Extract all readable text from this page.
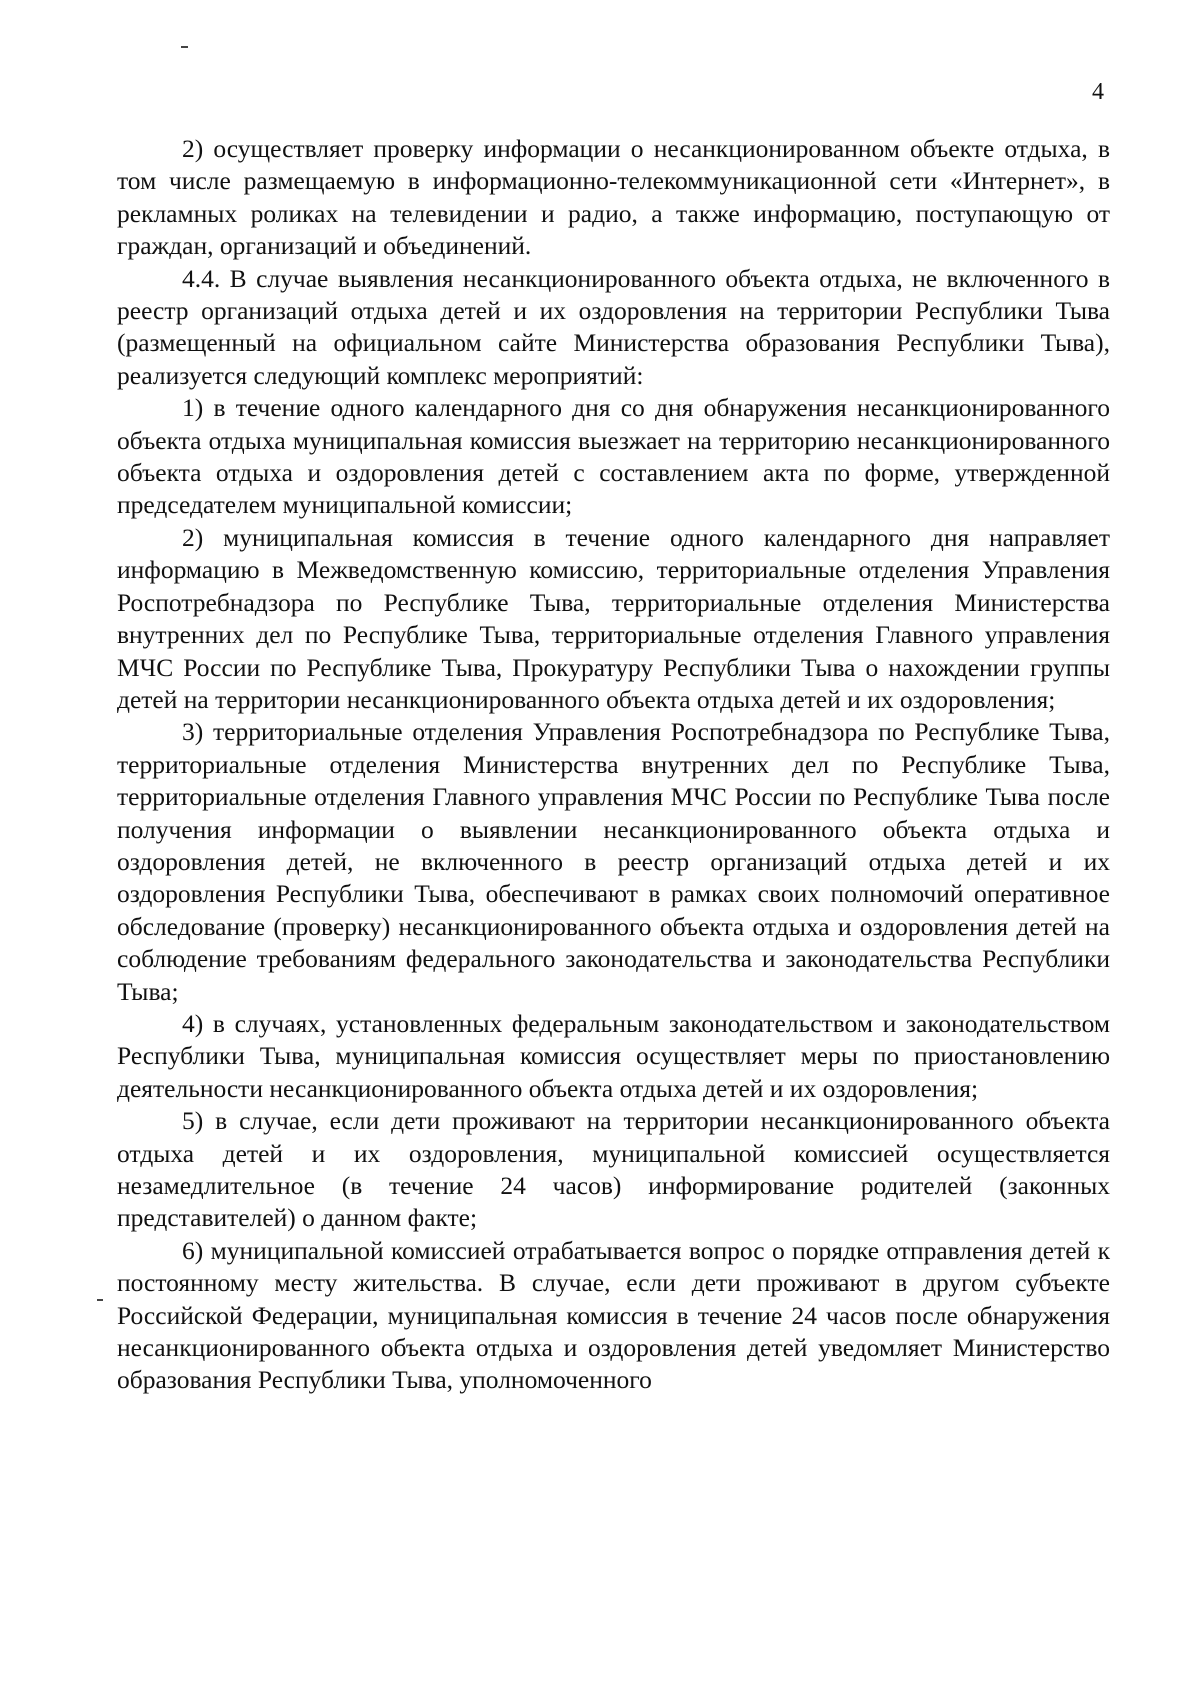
4

2) осуществляет проверку информации о несанкционированном объекте отдыха, в том числе размещаемую в информационно-телекоммуникационной сети «Интернет», в рекламных роликах на телевидении и радио, а также информацию, поступающую от граждан, организаций и объединений.

4.4. В случае выявления несанкционированного объекта отдыха, не включенного в реестр организаций отдыха детей и их оздоровления на территории Республики Тыва (размещенный на официальном сайте Министерства образования Республики Тыва), реализуется следующий комплекс мероприятий:

1) в течение одного календарного дня со дня обнаружения несанкционированного объекта отдыха муниципальная комиссия выезжает на территорию несанкционированного объекта отдыха и оздоровления детей с составлением акта по форме, утвержденной председателем муниципальной комиссии;

2) муниципальная комиссия в течение одного календарного дня направляет информацию в Межведомственную комиссию, территориальные отделения Управления Роспотребнадзора по Республике Тыва, территориальные отделения Министерства внутренних дел по Республике Тыва, территориальные отделения Главного управления МЧС России по Республике Тыва, Прокуратуру Республики Тыва о нахождении группы детей на территории несанкционированного объекта отдыха детей и их оздоровления;

3) территориальные отделения Управления Роспотребнадзора по Республике Тыва, территориальные отделения Министерства внутренних дел по Республике Тыва, территориальные отделения Главного управления МЧС России по Республике Тыва после получения информации о выявлении несанкционированного объекта отдыха и оздоровления детей, не включенного в реестр организаций отдыха детей и их оздоровления Республики Тыва, обеспечивают в рамках своих полномочий оперативное обследование (проверку) несанкционированного объекта отдыха и оздоровления детей на соблюдение требованиям федерального законодательства и законодательства Республики Тыва;

4) в случаях, установленных федеральным законодательством и законодательством Республики Тыва, муниципальная комиссия осуществляет меры по приостановлению деятельности несанкционированного объекта отдыха детей и их оздоровления;

5) в случае, если дети проживают на территории несанкционированного объекта отдыха детей и их оздоровления, муниципальной комиссией осуществляется незамедлительное (в течение 24 часов) информирование родителей (законных представителей) о данном факте;

6) муниципальной комиссией отрабатывается вопрос о порядке отправления детей к постоянному месту жительства. В случае, если дети проживают в другом субъекте Российской Федерации, муниципальная комиссия в течение 24 часов после обнаружения несанкционированного объекта отдыха и оздоровления детей уведомляет Министерство образования Республики Тыва, уполномоченного
